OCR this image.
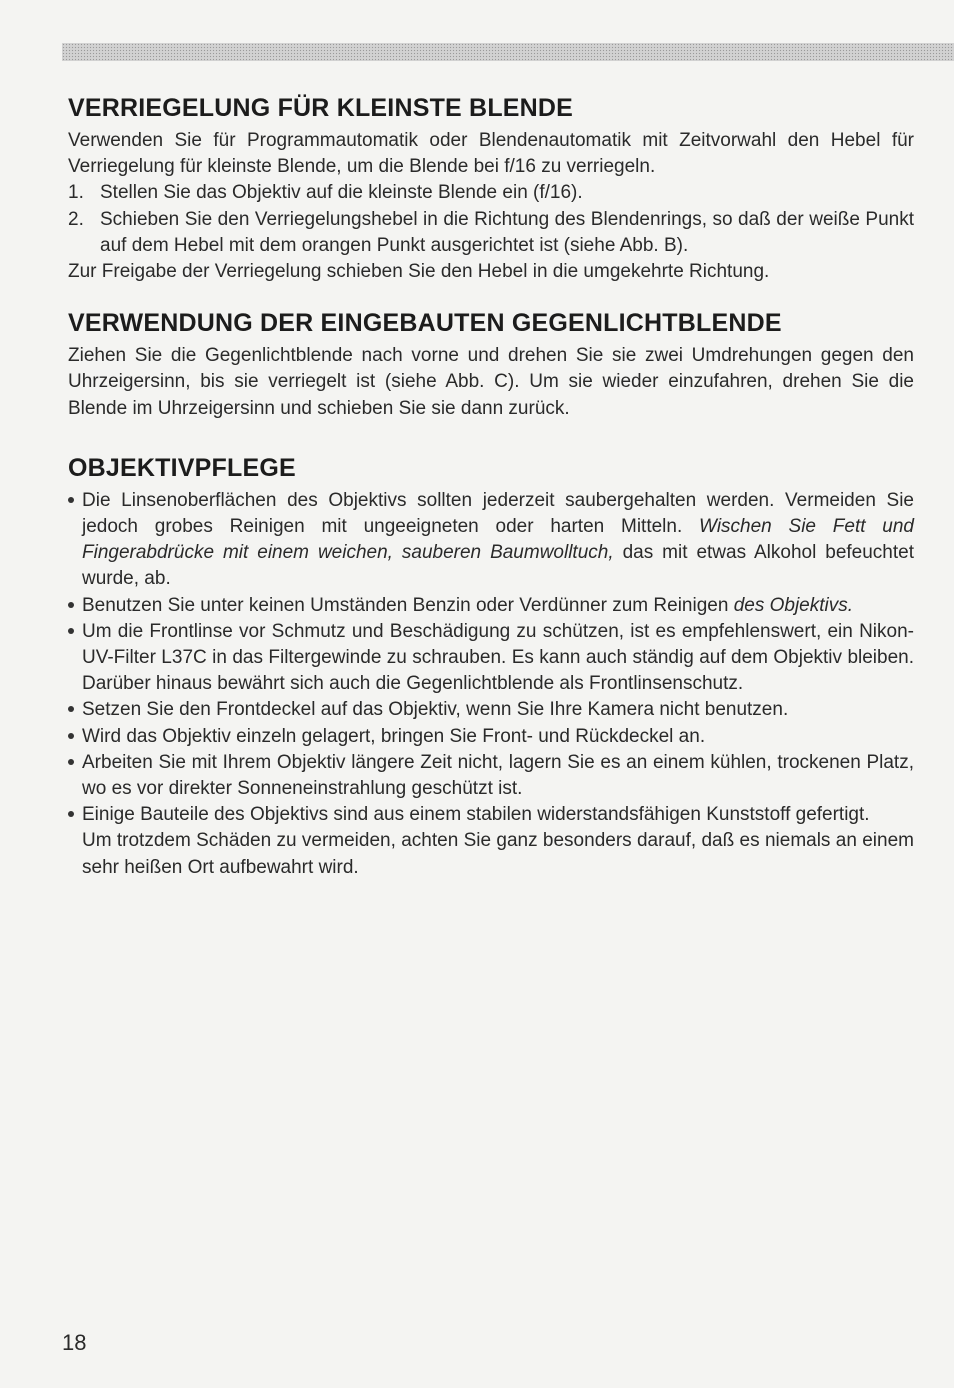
VERRIEGELUNG FÜR KLEINSTE BLENDE

Verwenden Sie für Programmautomatik oder Blendenautomatik mit Zeitvorwahl den Hebel für Verriegelung für kleinste Blende, um die Blende bei f/16 zu verriegeln.

1. Stellen Sie das Objektiv auf die kleinste Blende ein (f/16).
2. Schieben Sie den Verriegelungshebel in die Richtung des Blendenrings, so daß der weiße Punkt auf dem Hebel mit dem orangen Punkt ausgerichtet ist (siehe Abb. B).

Zur Freigabe der Verriegelung schieben Sie den Hebel in die umgekehrte Richtung.

VERWENDUNG DER EINGEBAUTEN GEGENLICHTBLENDE

Ziehen Sie die Gegenlichtblende nach vorne und drehen Sie sie zwei Umdrehungen gegen den Uhrzeigersinn, bis sie verriegelt ist (siehe Abb. C). Um sie wieder einzufahren, drehen Sie die Blende im Uhrzeigersinn und schieben Sie sie dann zurück.

OBJEKTIVPFLEGE
Die Linsenoberflächen des Objektivs sollten jederzeit saubergehalten werden. Vermeiden Sie jedoch grobes Reinigen mit ungeeigneten oder harten Mitteln. Wischen Sie Fett und Fingerabdrücke mit einem weichen, sauberen Baumwolltuch, das mit etwas Alkohol befeuchtet wurde, ab.
Benutzen Sie unter keinen Umständen Benzin oder Verdünner zum Reinigen des Objektivs.
Um die Frontlinse vor Schmutz und Beschädigung zu schützen, ist es empfehlenswert, ein Nikon-UV-Filter L37C in das Filtergewinde zu schrauben. Es kann auch ständig auf dem Objektiv bleiben. Darüber hinaus bewährt sich auch die Gegenlichtblende als Frontlinsenschutz.
Setzen Sie den Frontdeckel auf das Objektiv, wenn Sie Ihre Kamera nicht benutzen.
Wird das Objektiv einzeln gelagert, bringen Sie Front- und Rückdeckel an.
Arbeiten Sie mit Ihrem Objektiv längere Zeit nicht, lagern Sie es an einem kühlen, trockenen Platz, wo es vor direkter Sonneneinstrahlung geschützt ist.
Einige Bauteile des Objektivs sind aus einem stabilen widerstandsfähigen Kunststoff gefertigt.
Um trotzdem Schäden zu vermeiden, achten Sie ganz besonders darauf, daß es niemals an einem sehr heißen Ort aufbewahrt wird.
18
